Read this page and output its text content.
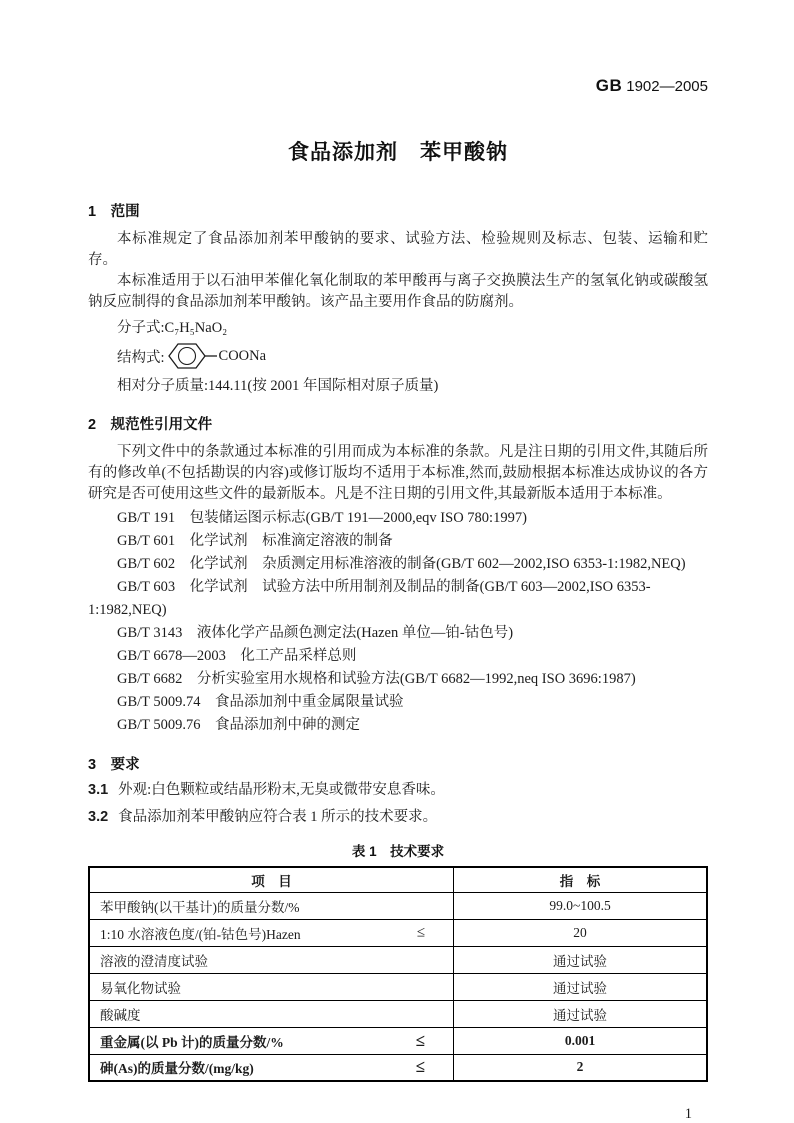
GB 1902—2005
食品添加剂　苯甲酸钠
1　范围
本标准规定了食品添加剂苯甲酸钠的要求、试验方法、检验规则及标志、包装、运输和贮存。
本标准适用于以石油甲苯催化氧化制取的苯甲酸再与离子交换膜法生产的氢氧化钠或碳酸氢钠反应制得的食品添加剂苯甲酸钠。该产品主要用作食品的防腐剂。
分子式:C₇H₅NaO₂
结构式:	COONa
相对分子质量:144.11(按 2001 年国际相对原子质量)
2　规范性引用文件
下列文件中的条款通过本标准的引用而成为本标准的条款。凡是注日期的引用文件,其随后所有的修改单(不包括勘误的内容)或修订版均不适用于本标准,然而,鼓励根据本标准达成协议的各方研究是否可使用这些文件的最新版本。凡是不注日期的引用文件,其最新版本适用于本标准。
GB/T 191　包装储运图示标志(GB/T 191—2000,eqv ISO 780:1997)
GB/T 601　化学试剂　标准滴定溶液的制备
GB/T 602　化学试剂　杂质测定用标准溶液的制备(GB/T 602—2002,ISO 6353-1:1982,NEQ)
GB/T 603　化学试剂　试验方法中所用制剂及制品的制备(GB/T 603—2002,ISO 6353-1:1982,NEQ)
GB/T 3143　液体化学产品颜色测定法(Hazen 单位—铂-钴色号)
GB/T 6678—2003　化工产品采样总则
GB/T 6682　分析实验室用水规格和试验方法(GB/T 6682—1992,neq ISO 3696:1987)
GB/T 5009.74　食品添加剂中重金属限量试验
GB/T 5009.76　食品添加剂中砷的测定
3　要求
3.1 外观:白色颗粒或结晶形粉末,无臭或微带安息香味。
3.2 食品添加剂苯甲酸钠应符合表 1 所示的技术要求。
表 1　技术要求
项　目	指　标
苯甲酸钠(以干基计)的质量分数/%	99.0~100.5
1:10 水溶液色度/(铂-钴色号)Hazen ≤	20
溶液的澄清度试验	通过试验
易氧化物试验	通过试验
酸碱度	通过试验
重金属(以 Pb 计)的质量分数/% ≤	0.001
砷(As)的质量分数/(mg/kg) ≤	2
1
